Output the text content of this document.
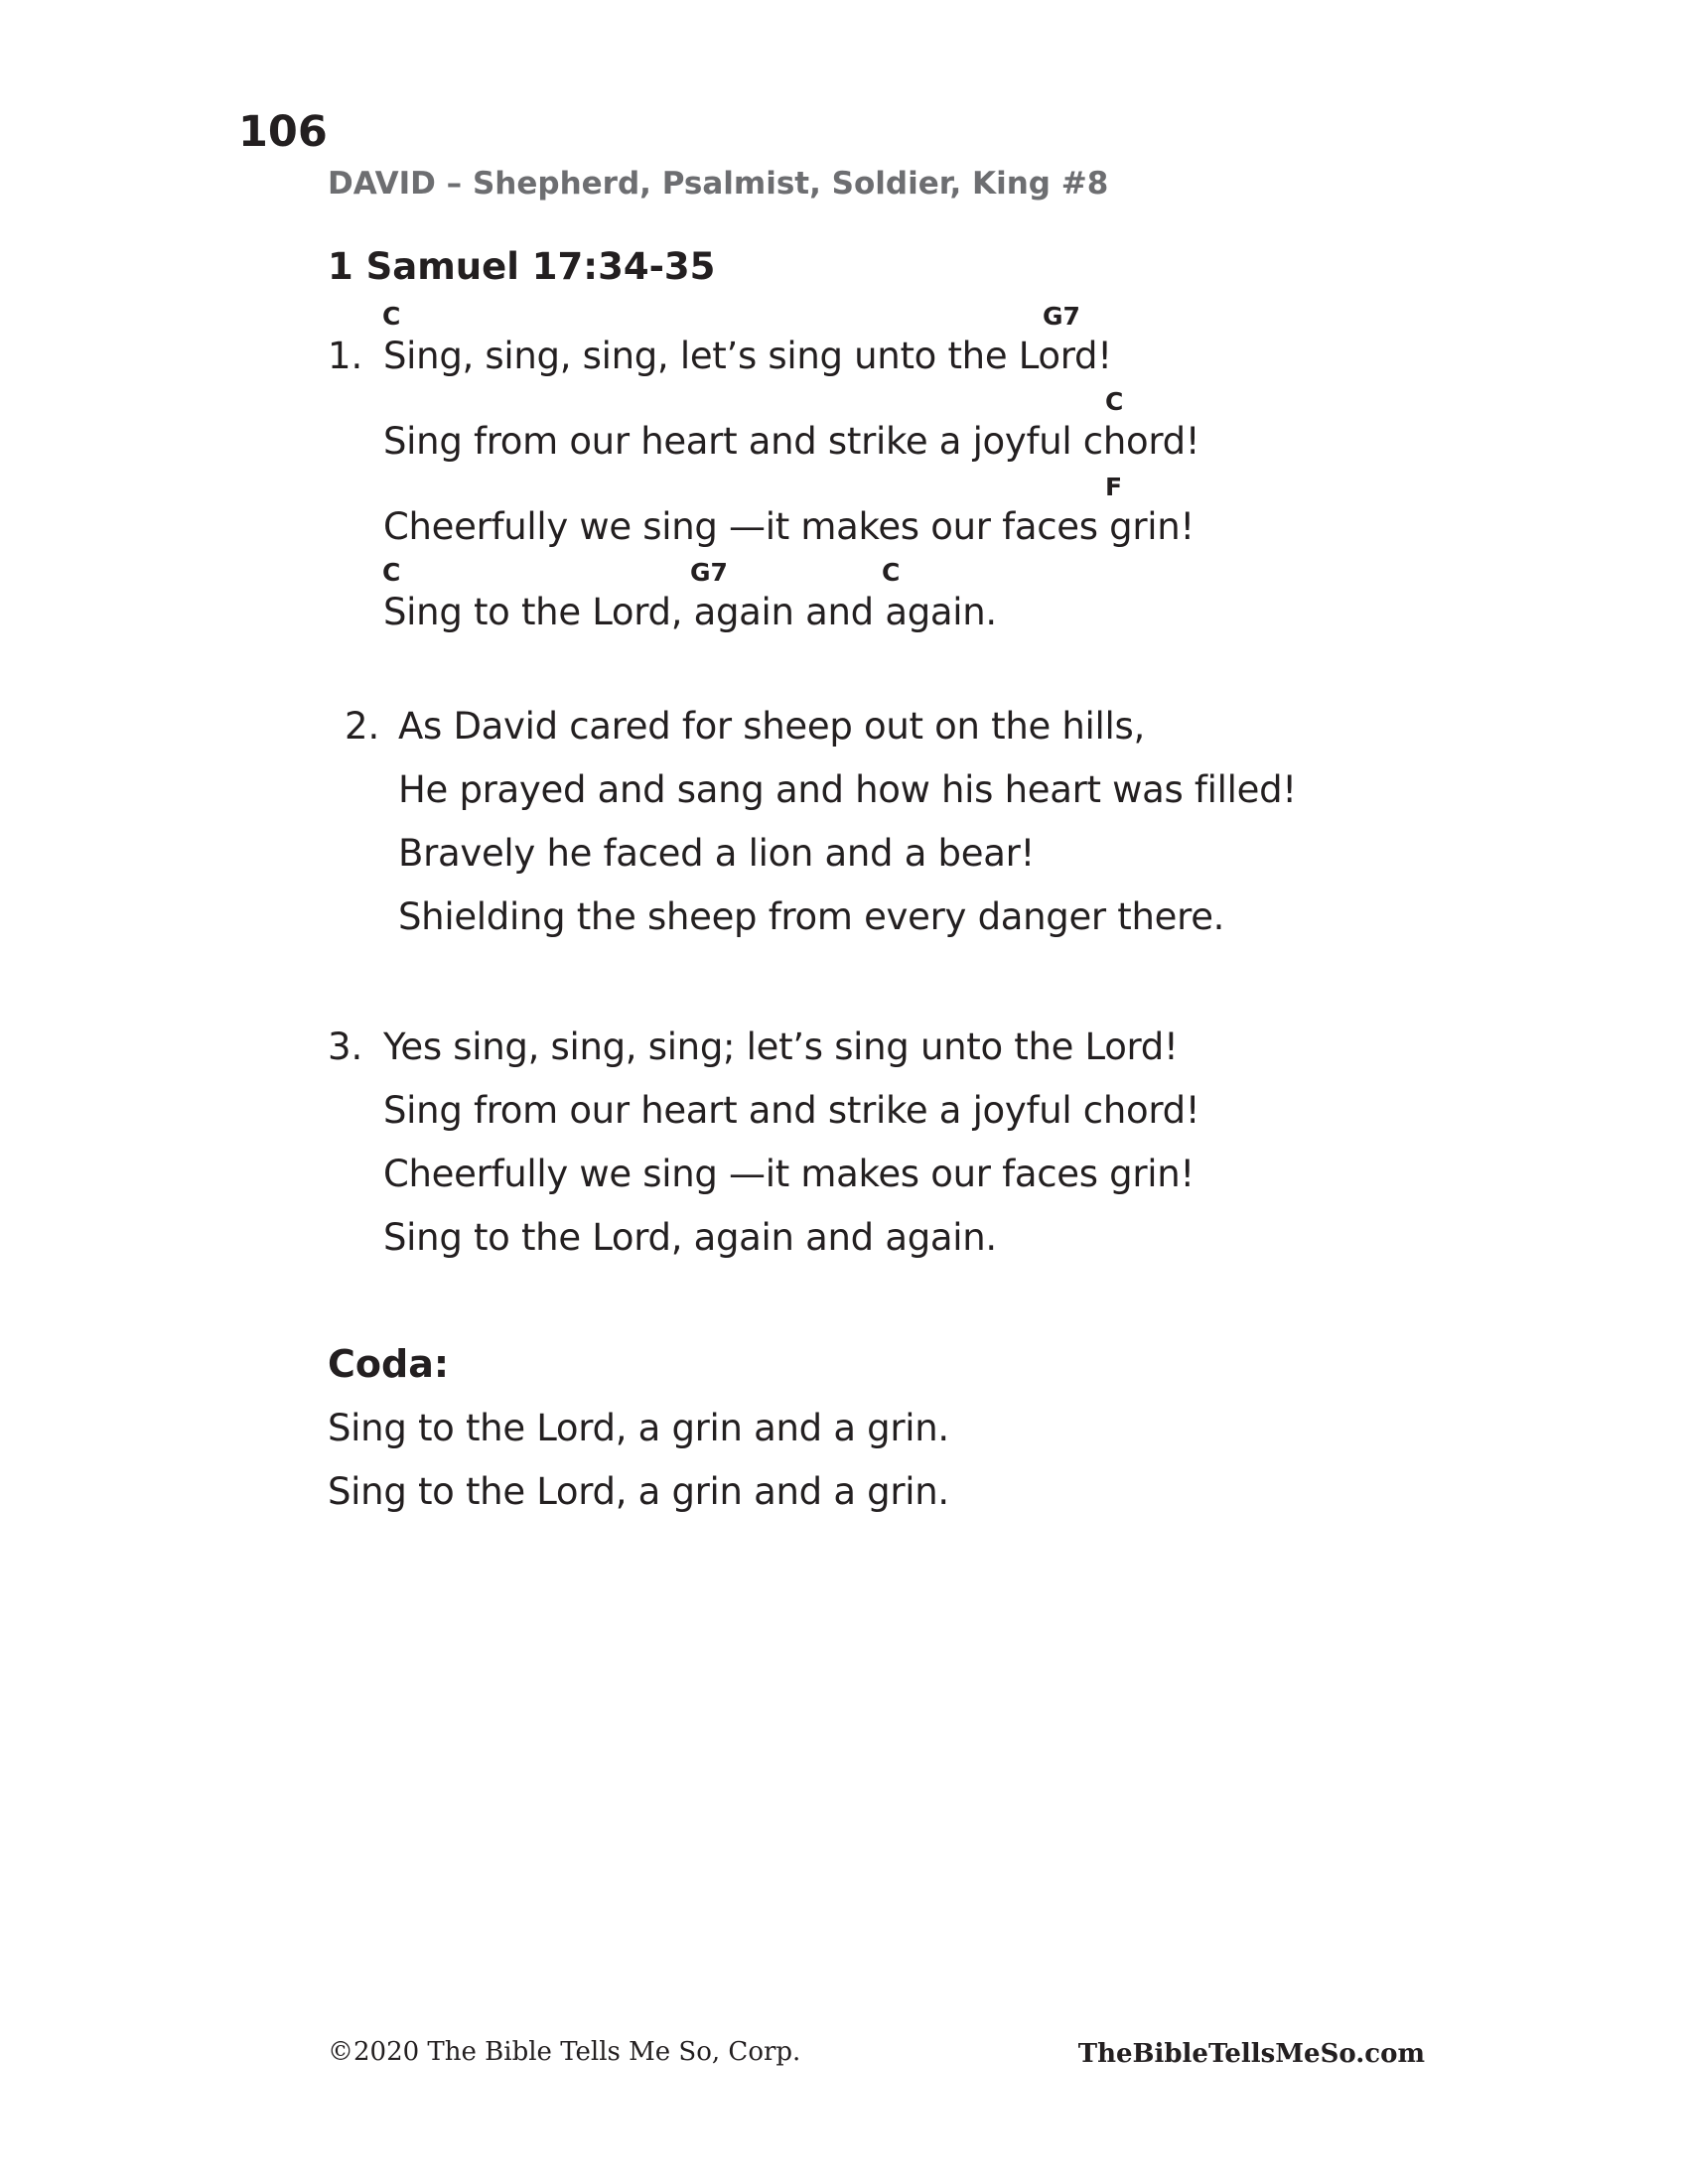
106
DAVID – Shepherd, Psalmist, Soldier, King #8
1 Samuel 17:34-35
C	G7
1. Sing, sing, sing, let’s sing unto the Lord!
C
Sing from our heart and strike a joyful chord!
F
Cheerfully we sing —it makes our faces grin!
C	G7	C
Sing to the Lord, again and again.
2. As David cared for sheep out on the hills,
He prayed and sang and how his heart was filled!
Bravely he faced a lion and a bear!
Shielding the sheep from every danger there.
3. Yes sing, sing, sing; let’s sing unto the Lord!
Sing from our heart and strike a joyful chord!
Cheerfully we sing —it makes our faces grin!
Sing to the Lord, again and again.
Coda:
Sing to the Lord, a grin and a grin.
Sing to the Lord, a grin and a grin.
©2020 The Bible Tells Me So, Corp.	TheBibleTellsMeSo.com
